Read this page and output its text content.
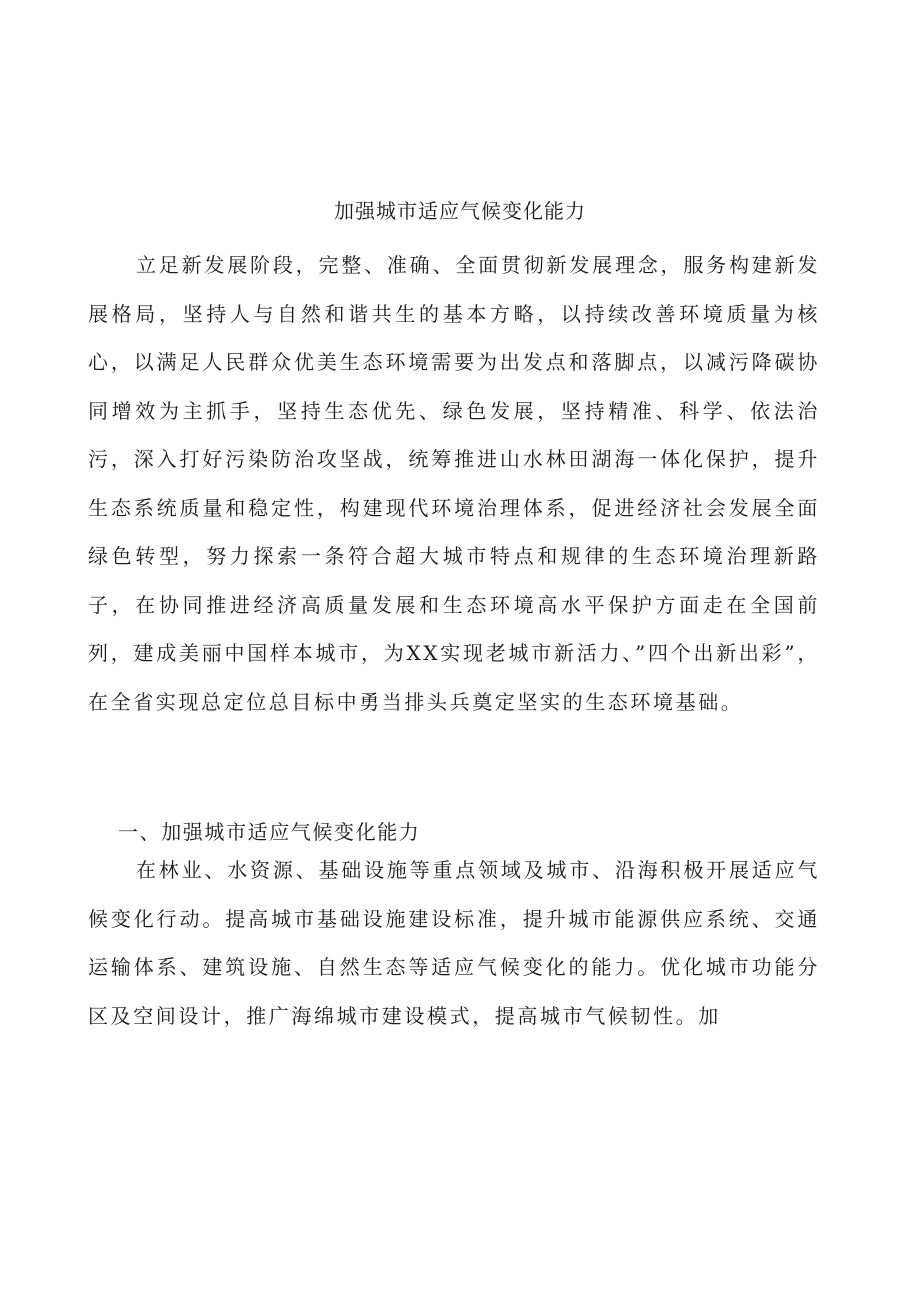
加强城市适应气候变化能力

立足新发展阶段，完整、准确、全面贯彻新发展理念，服务构建新发展格局，坚持人与自然和谐共生的基本方略，以持续改善环境质量为核心，以满足人民群众优美生态环境需要为出发点和落脚点，以减污降碳协同增效为主抓手，坚持生态优先、绿色发展，坚持精准、科学、依法治污，深入打好污染防治攻坚战，统筹推进山水林田湖海一体化保护，提升生态系统质量和稳定性，构建现代环境治理体系，促进经济社会发展全面绿色转型，努力探索一条符合超大城市特点和规律的生态环境治理新路子，在协同推进经济高质量发展和生态环境高水平保护方面走在全国前列，建成美丽中国样本城市，为XX实现老城市新活力、”四个出新出彩”，在全省实现总定位总目标中勇当排头兵奠定坚实的生态环境基础。

一、加强城市适应气候变化能力

在林业、水资源、基础设施等重点领域及城市、沿海积极开展适应气候变化行动。提高城市基础设施建设标准，提升城市能源供应系统、交通运输体系、建筑设施、自然生态等适应气候变化的能力。优化城市功能分区及空间设计，推广海绵城市建设模式，提高城市气候韧性。加
